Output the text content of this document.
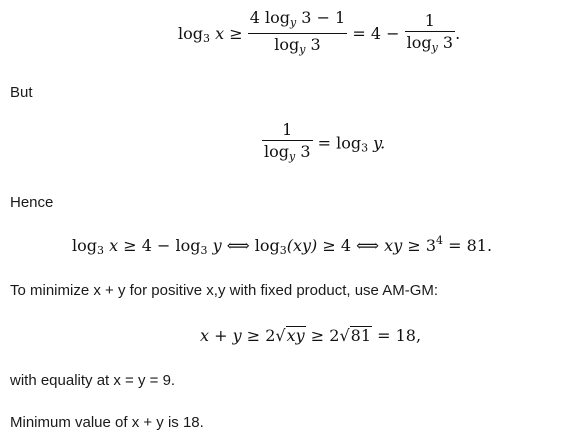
$\log_3 x \ge \frac{4 \log_y 3 - 1}{\log_y 3} = 4 - \frac{1}{\log_y 3}$ .
But
$\frac{1}{\log_y 3} = \log_3 y$.
Hence
$\log_3 x \ge 4 - \log_3 y$ ⟺ $\log_3(xy) \ge 4$ ⟺ xy ≥ $3^4 = 81$.
To minimize x + y for positive x,y with fixed product, use AM-GM:
x + y ≥ 2√xy ≥ 2√81 = 18,
with equality at x = y = 9.
Minimum value of x + y is 18.
